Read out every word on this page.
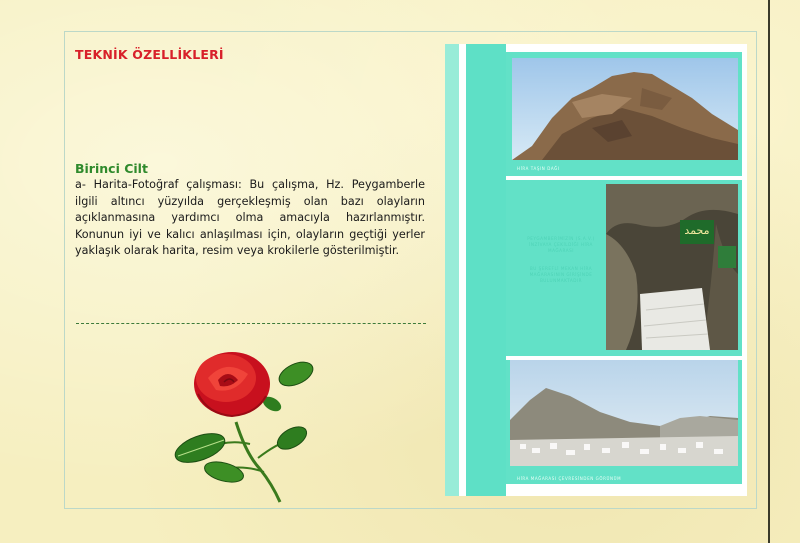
TEKNİK ÖZELLİKLERİ
Birinci Cilt

a- Harita-Fotoğraf çalışması: Bu çalışma, Hz. Peygamberle ilgili altıncı yüzyılda gerçekleşmiş olan bazı olayların açıklanmasına yardımcı olma amacıyla hazırlanmıştır. Konunun iyi ve kalıcı anlaşılması için, olayların geçtiği yerler yaklaşık olarak harita, resim veya krokilerle gösterilmiştir.

HİRA TAŞIN DAĞI
محمد
PEYGAMBERİMİZİN (S.A.V.) İNZİVAYA ÇEKİLDİĞİ HİRA MAĞARASI
BU ŞEREFLİ MEKAN HİRA MAĞARASININ GİRİŞİNDE BULUNMAKTADIR
HİRA MAĞARASI ÇEVRESİNDEN GÖRÜNÜM
